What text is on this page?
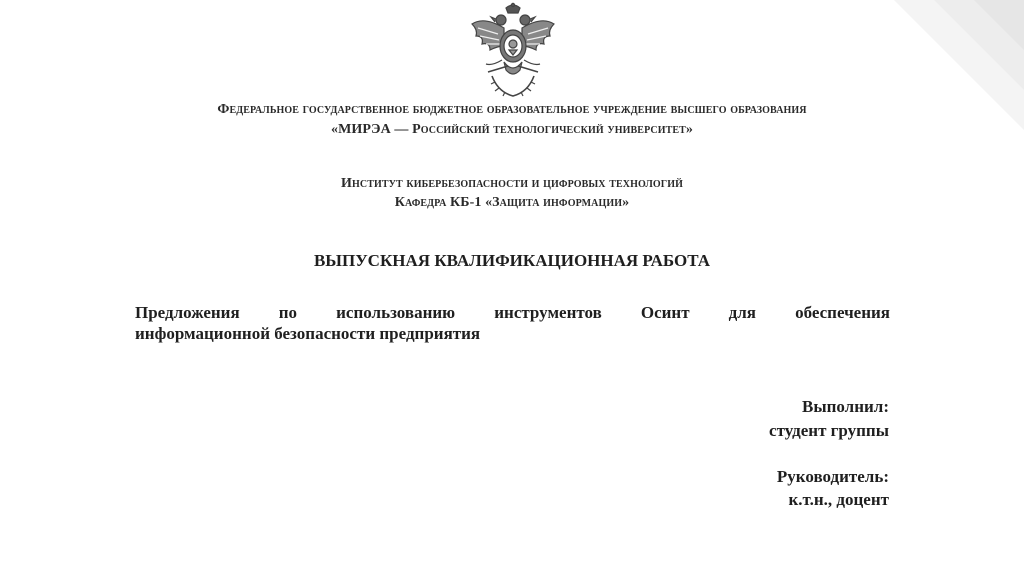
Федеральное государственное бюджетное образовательное учреждение высшего образования
«МИРЭА — Российский технологический университет»
Институт кибербезопасности и цифровых технологий
Кафедра КБ-1 «Защита информации»
ВЫПУСКНАЯ КВАЛИФИКАЦИОННАЯ РАБОТА
Предложения по использованию инструментов Осинт для обеспечения
информационной безопасности предприятия
Выполнил:
студент группы
Руководитель:
к.т.н., доцент
